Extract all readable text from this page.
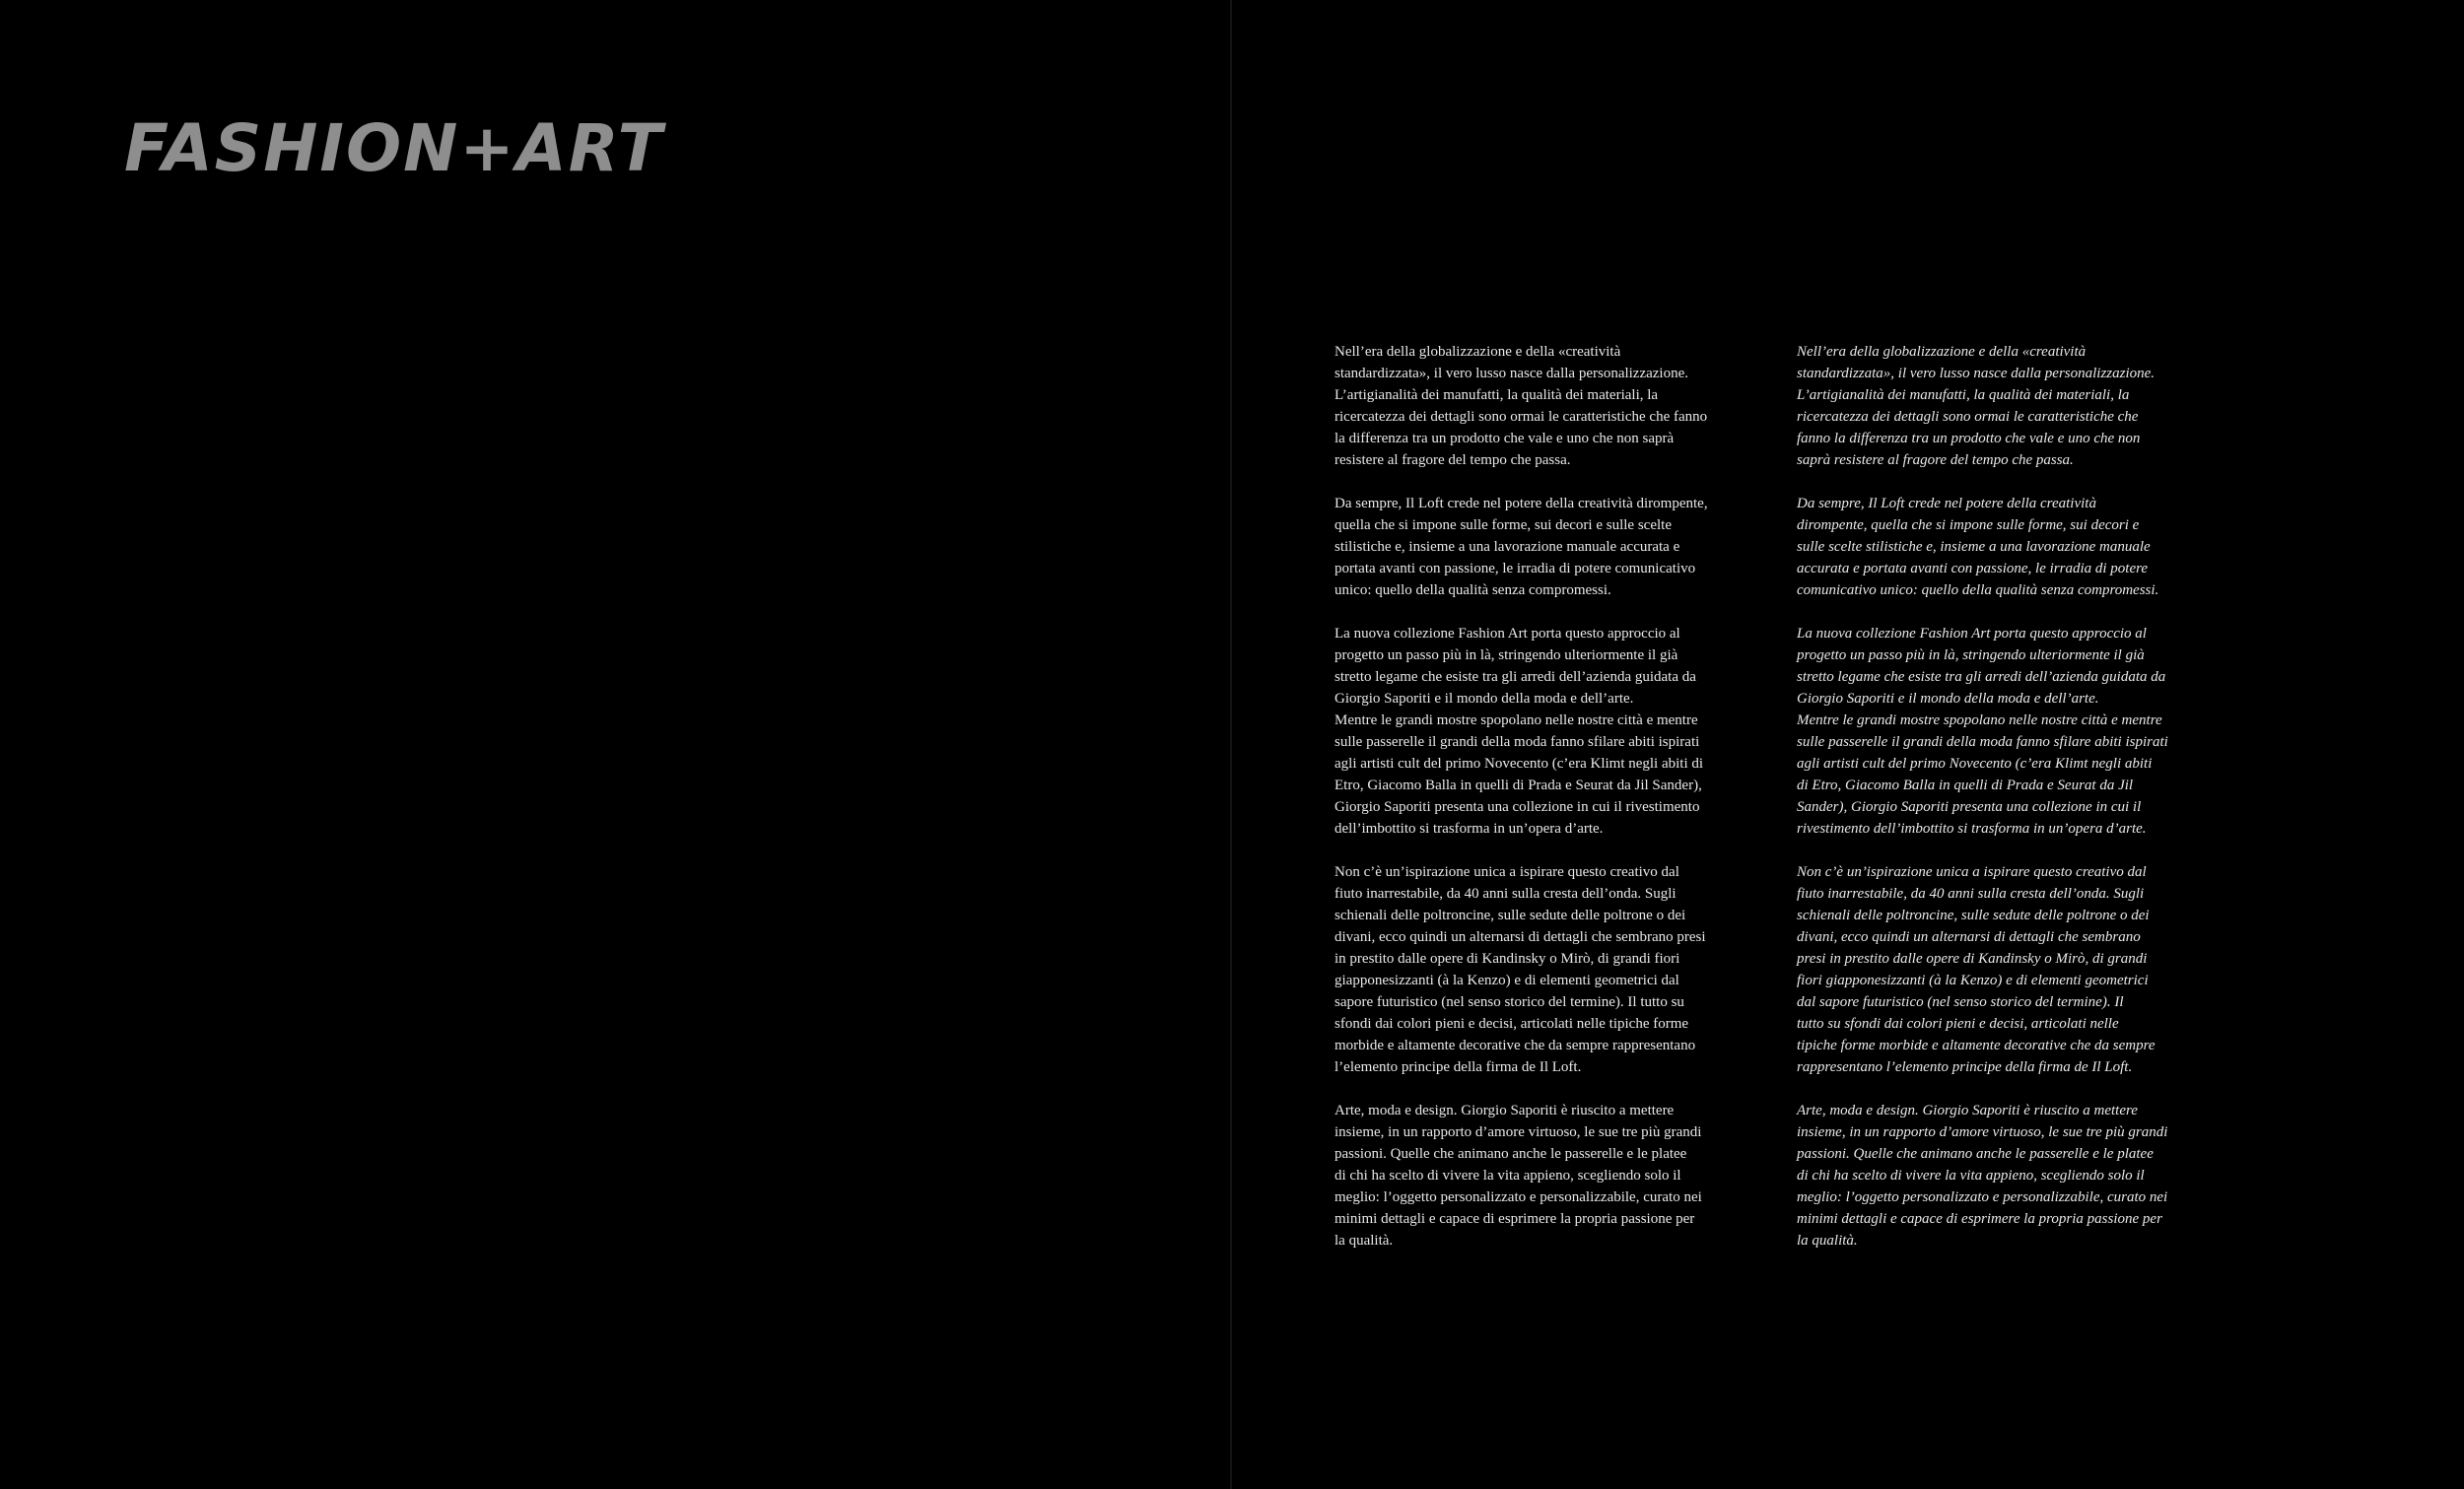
FASHION+ART

Nell’era della globalizzazione e della «creatività
standardizzata», il vero lusso nasce dalla personalizzazione.
L’artigianalità dei manufatti, la qualità dei materiali, la
ricercatezza dei dettagli sono ormai le caratteristiche che fanno
la differenza tra un prodotto che vale e uno che non saprà
resistere al fragore del tempo che passa.

Da sempre, Il Loft crede nel potere della creatività dirompente,
quella che si impone sulle forme, sui decori e sulle scelte
stilistiche e, insieme a una lavorazione manuale accurata e
portata avanti con passione, le irradia di potere comunicativo
unico: quello della qualità senza compromessi.

La nuova collezione Fashion Art porta questo approccio al
progetto un passo più in là, stringendo ulteriormente il già
stretto legame che esiste tra gli arredi dell’azienda guidata da
Giorgio Saporiti e il mondo della moda e dell’arte.
Mentre le grandi mostre spopolano nelle nostre città e mentre
sulle passerelle il grandi della moda fanno sfilare abiti ispirati
agli artisti cult del primo Novecento (c’era Klimt negli abiti di
Etro, Giacomo Balla in quelli di Prada e Seurat da Jil Sander),
Giorgio Saporiti presenta una collezione in cui il rivestimento
dell’imbottito si trasforma in un’opera d’arte.

Non c’è un’ispirazione unica a ispirare questo creativo dal
fiuto inarrestabile, da 40 anni sulla cresta dell’onda. Sugli
schienali delle poltroncine, sulle sedute delle poltrone o dei
divani, ecco quindi un alternarsi di dettagli che sembrano presi
in prestito dalle opere di Kandinsky o Mirò, di grandi fiori
giapponesizzanti (à la Kenzo) e di elementi geometrici dal
sapore futuristico (nel senso storico del termine). Il tutto su
sfondi dai colori pieni e decisi, articolati nelle tipiche forme
morbide e altamente decorative che da sempre rappresentano
l’elemento principe della firma de Il Loft.

Arte, moda e design. Giorgio Saporiti è riuscito a mettere
insieme, in un rapporto d’amore virtuoso, le sue tre più grandi
passioni. Quelle che animano anche le passerelle e le platee
di chi ha scelto di vivere la vita appieno, scegliendo solo il
meglio: l’oggetto personalizzato e personalizzabile, curato nei
minimi dettagli e capace di esprimere la propria passione per
la qualità.

Nell’era della globalizzazione e della «creatività
standardizzata», il vero lusso nasce dalla personalizzazione.
L’artigianalità dei manufatti, la qualità dei materiali, la
ricercatezza dei dettagli sono ormai le caratteristiche che
fanno la differenza tra un prodotto che vale e uno che non
saprà resistere al fragore del tempo che passa.

Da sempre, Il Loft crede nel potere della creatività
dirompente, quella che si impone sulle forme, sui decori e
sulle scelte stilistiche e, insieme a una lavorazione manuale
accurata e portata avanti con passione, le irradia di potere
comunicativo unico: quello della qualità senza compromessi.

La nuova collezione Fashion Art porta questo approccio al
progetto un passo più in là, stringendo ulteriormente il già
stretto legame che esiste tra gli arredi dell’azienda guidata da
Giorgio Saporiti e il mondo della moda e dell’arte.
Mentre le grandi mostre spopolano nelle nostre città e mentre
sulle passerelle il grandi della moda fanno sfilare abiti ispirati
agli artisti cult del primo Novecento (c’era Klimt negli abiti
di Etro, Giacomo Balla in quelli di Prada e Seurat da Jil
Sander), Giorgio Saporiti presenta una collezione in cui il
rivestimento dell’imbottito si trasforma in un’opera d’arte.

Non c’è un’ispirazione unica a ispirare questo creativo dal
fiuto inarrestabile, da 40 anni sulla cresta dell’onda. Sugli
schienali delle poltroncine, sulle sedute delle poltrone o dei
divani, ecco quindi un alternarsi di dettagli che sembrano
presi in prestito dalle opere di Kandinsky o Mirò, di grandi
fiori giapponesizzanti (à la Kenzo) e di elementi geometrici
dal sapore futuristico (nel senso storico del termine). Il
tutto su sfondi dai colori pieni e decisi, articolati nelle
tipiche forme morbide e altamente decorative che da sempre
rappresentano l’elemento principe della firma de Il Loft.

Arte, moda e design. Giorgio Saporiti è riuscito a mettere
insieme, in un rapporto d’amore virtuoso, le sue tre più grandi
passioni. Quelle che animano anche le passerelle e le platee
di chi ha scelto di vivere la vita appieno, scegliendo solo il
meglio: l’oggetto personalizzato e personalizzabile, curato nei
minimi dettagli e capace di esprimere la propria passione per
la qualità.
